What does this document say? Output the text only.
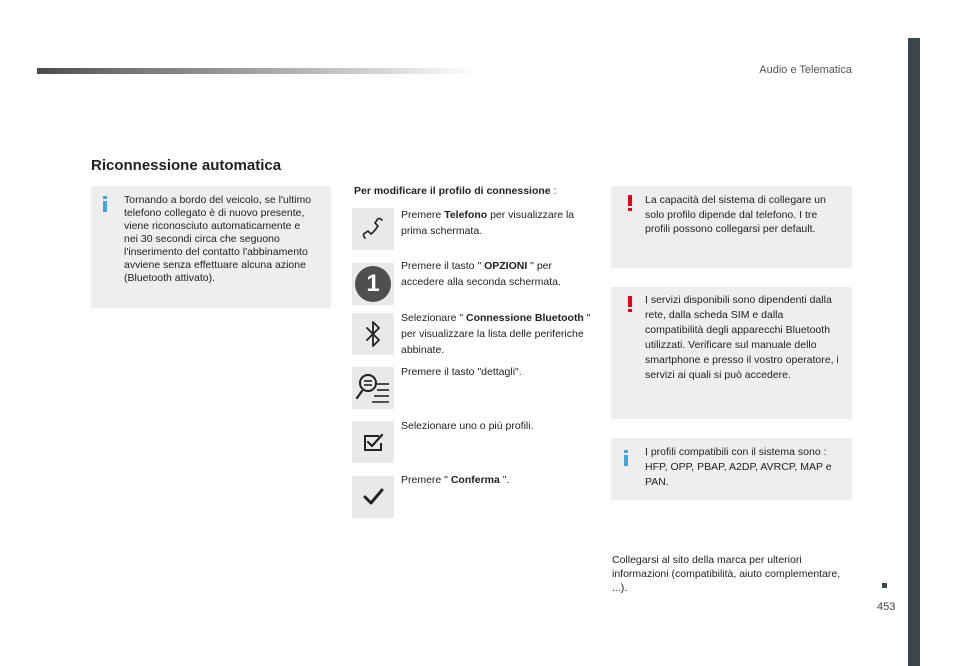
Audio e Telematica
453
Riconnessione automatica

Tornando a bordo del veicolo, se l'ultimo telefono collegato è di nuovo presente, viene riconosciuto automaticamente e nei 30 secondi circa che seguono l'inserimento del contatto l'abbinamento avviene senza effettuare alcuna azione (Bluetooth attivato).

Per modificare il profilo di connessione :

Premere Telefono per visualizzare la prima schermata.

1

Premere il tasto " OPZIONI " per accedere alla seconda schermata.

Selezionare " Connessione Bluetooth " per visualizzare la lista delle periferiche abbinate.

Premere il tasto "dettagli".

Selezionare uno o più profili.

Premere " Conferma ".

La capacità del sistema di collegare un solo profilo dipende dal telefono. I tre profili possono collegarsi per default.

I servizi disponibili sono dipendenti dalla rete, dalla scheda SIM e dalla compatibilità degli apparecchi Bluetooth utilizzati. Verificare sul manuale dello smartphone e presso il vostro operatore, i servizi ai quali si può accedere.

I profili compatibili con il sistema sono : HFP, OPP, PBAP, A2DP, AVRCP, MAP e PAN.

Collegarsi al sito della marca per ulteriori informazioni (compatibilità, aiuto complementare, ...).
